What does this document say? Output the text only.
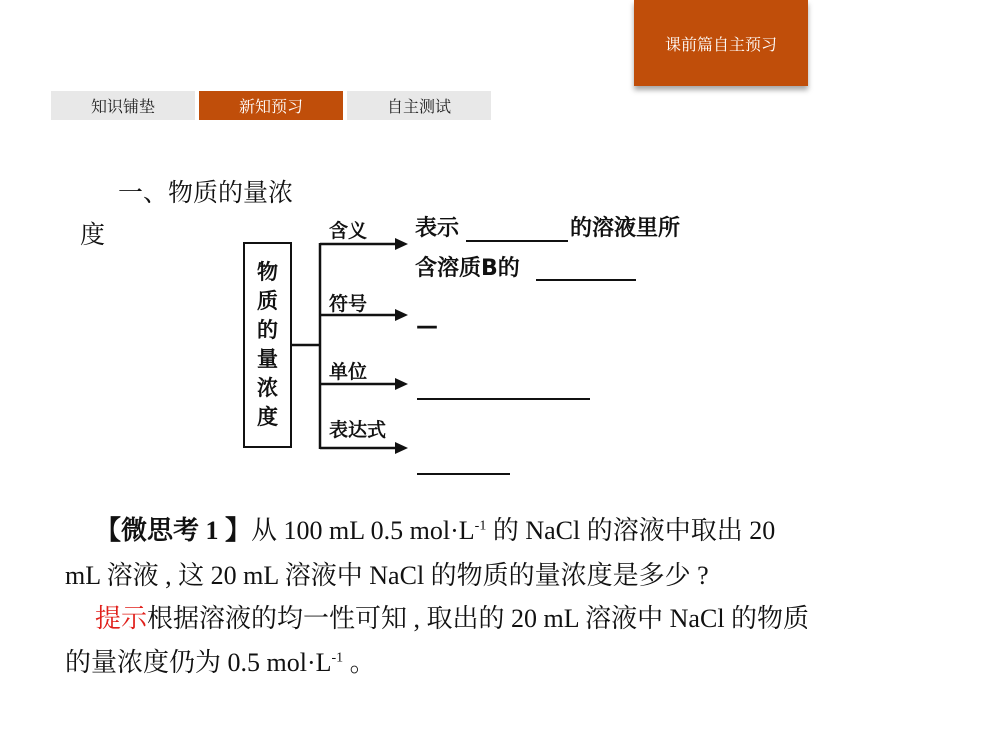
课前篇自主预习
知识铺垫	新知预习	自主测试
一、物质的量浓
度
物
质
的
量
浓
度
含义
符号
单位
表达式
表示	的溶液里所
含溶质B的
—
【微思考 1 】从 100 mL 0.5 $mol\cdot L^{-1}$ 的 NaCl 的溶液中取出 20
mL 溶液 , 这 20 mL 溶液中 NaCl 的物质的量浓度是多少 ?
提示根据溶液的均一性可知 , 取出的 20 mL 溶液中 NaCl 的物质
的量浓度仍为 0.5 $mol\cdot L^{-1}$ 。
